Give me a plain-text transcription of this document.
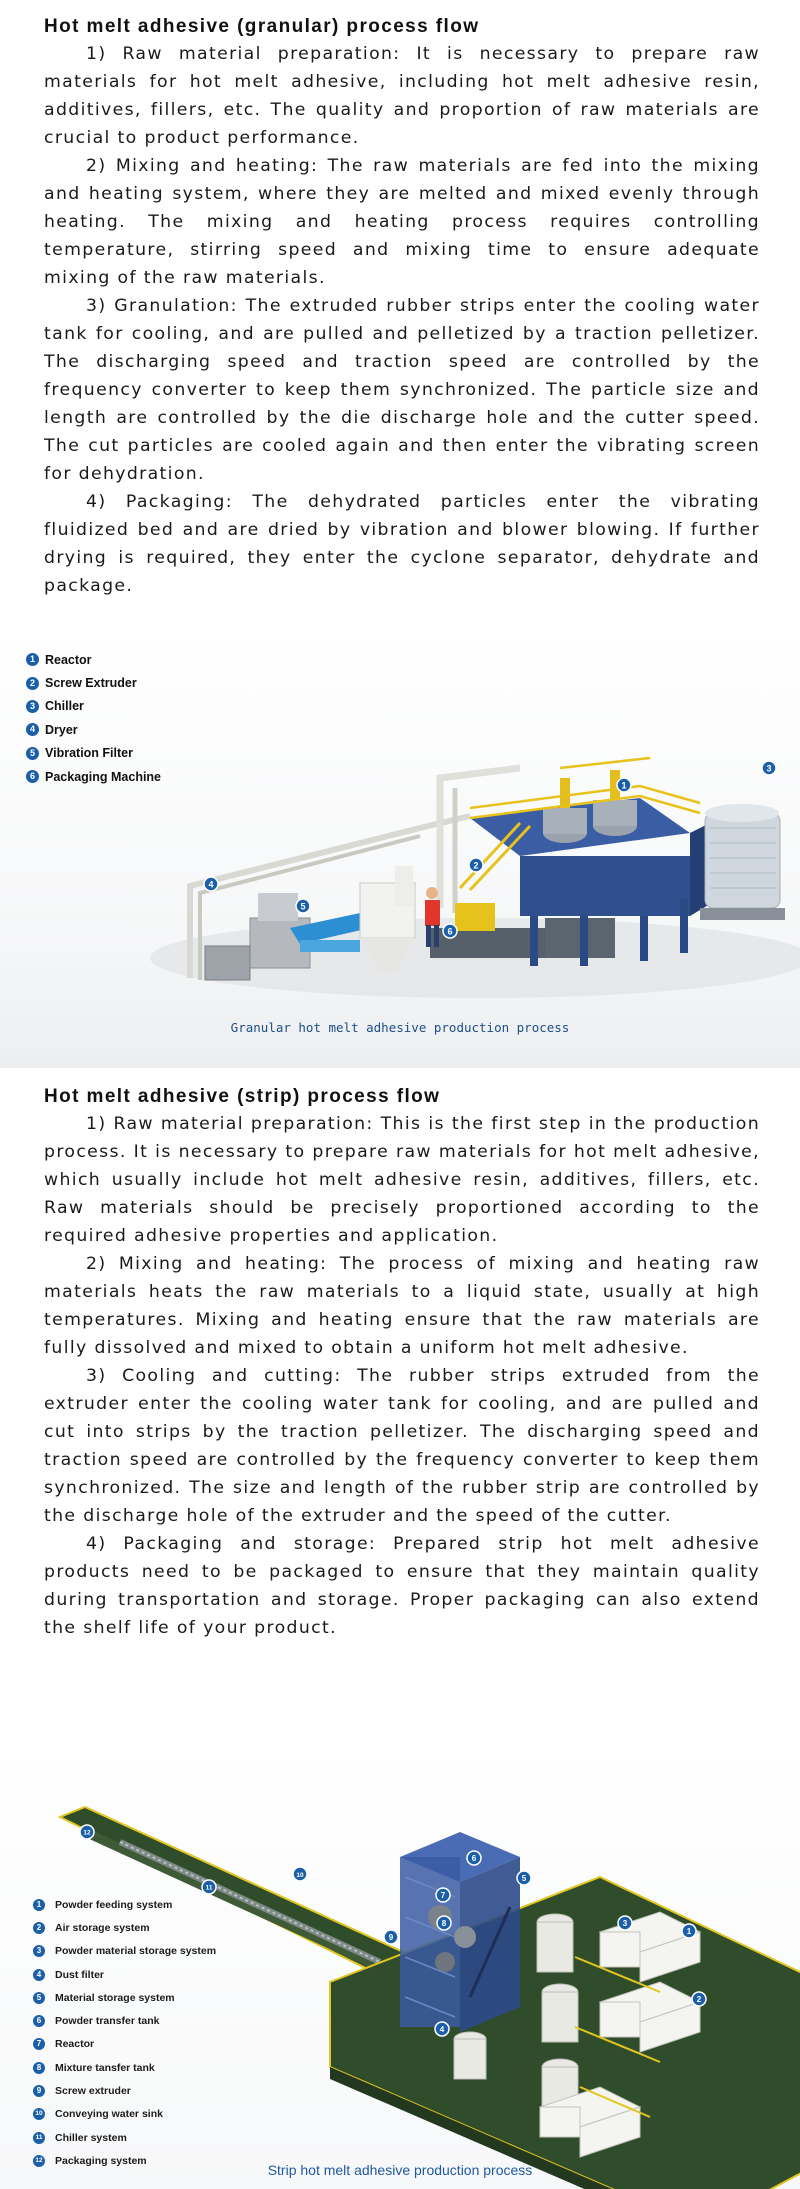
Hot melt adhesive (granular) process flow

1) Raw material preparation: It is necessary to prepare raw materials for hot melt adhesive, including hot melt adhesive resin, additives, fillers, etc. The quality and proportion of raw materials are crucial to product performance.

2) Mixing and heating: The raw materials are fed into the mixing and heating system, where they are melted and mixed evenly through heating. The mixing and heating process requires controlling temperature, stirring speed and mixing time to ensure adequate mixing of the raw materials.

3) Granulation: The extruded rubber strips enter the cooling water tank for cooling, and are pulled and pelletized by a traction pelletizer. The discharging speed and traction speed are controlled by the frequency converter to keep them synchronized. The particle size and length are controlled by the die discharge hole and the cutter speed. The cut particles are cooled again and then enter the vibrating screen for dehydration.

4) Packaging: The dehydrated particles enter the vibrating fluidized bed and are dried by vibration and blower blowing. If further drying is required, they enter the cyclone separator, dehydrate and package.

1
2
3
4
5
6
1 Reactor
2 Screw Extruder
3 Chiller
4 Dryer
5 Vibration Filter
6 Packaging Machine
Granular hot melt adhesive production process
Hot melt adhesive (strip) process flow

1) Raw material preparation: This is the first step in the production process. It is necessary to prepare raw materials for hot melt adhesive, which usually include hot melt adhesive resin, additives, fillers, etc. Raw materials should be precisely proportioned according to the required adhesive properties and application.

2) Mixing and heating: The process of mixing and heating raw materials heats the raw materials to a liquid state, usually at high temperatures. Mixing and heating ensure that the raw materials are fully dissolved and mixed to obtain a uniform hot melt adhesive.

3) Cooling and cutting: The rubber strips extruded from the extruder enter the cooling water tank for cooling, and are pulled and cut into strips by the traction pelletizer. The discharging speed and traction speed are controlled by the frequency converter to keep them synchronized. The size and length of the rubber strip are controlled by the discharge hole of the extruder and the speed of the cutter.

4) Packaging and storage: Prepared strip hot melt adhesive products need to be packaged to ensure that they maintain quality during transportation and storage. Proper packaging can also extend the shelf life of your product.

1
2
3
4
5
6
7
8
9
10
11
12
1	Powder feeding system
2	Air storage system
3	Powder material storage system
4	Dust filter
5	Material storage system
6	Powder transfer tank
7	Reactor
8	Mixture tansfer tank
9	Screw extruder
10 Conveying water sink
11 Chiller system
12 Packaging system
Strip hot melt adhesive production process
